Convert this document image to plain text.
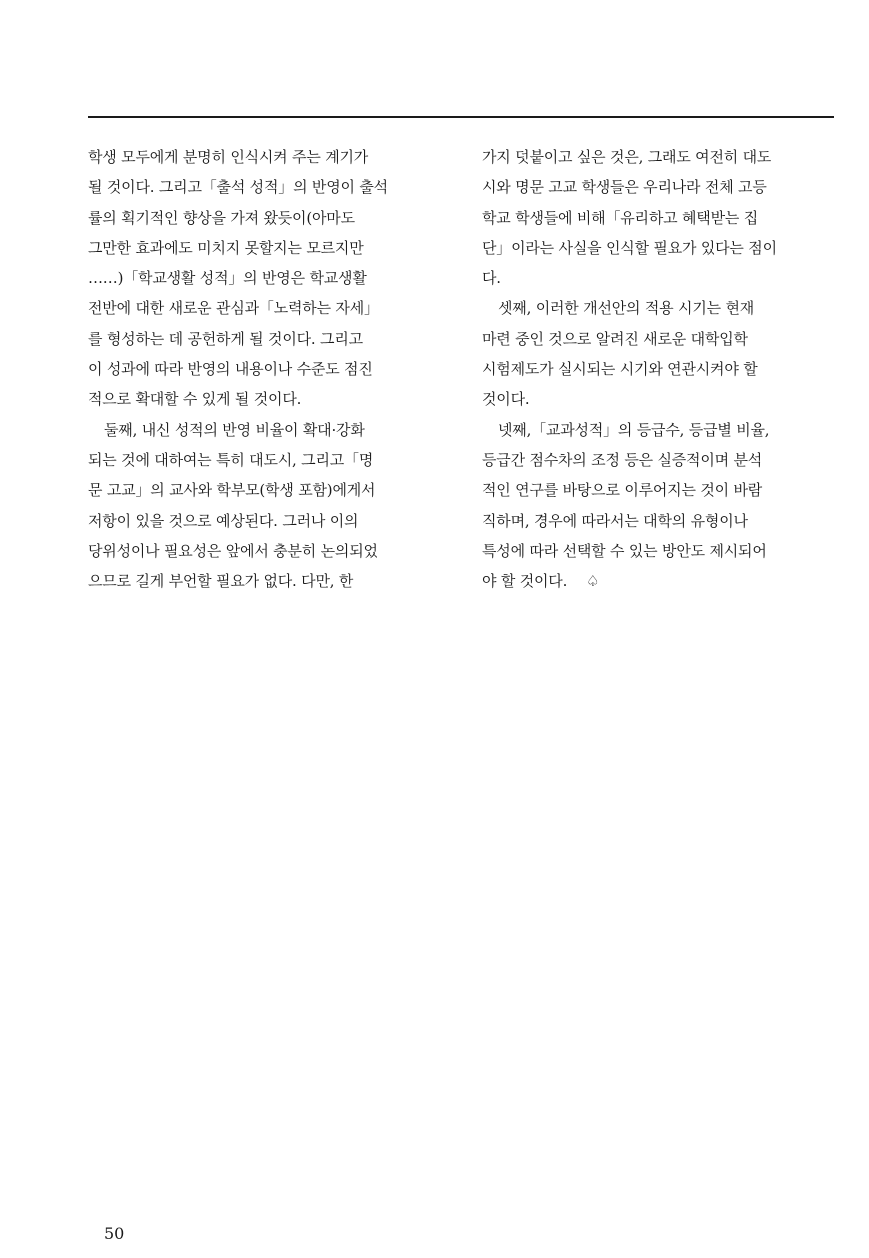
학생 모두에게 분명히 인식시켜 주는 계기가
될 것이다. 그리고「출석 성적」의 반영이 출석
률의 획기적인 향상을 가져 왔듯이(아마도
그만한 효과에도 미치지 못할지는 모르지만
……)「학교생활 성적」의 반영은 학교생활
전반에 대한 새로운 관심과「노력하는 자세」
를 형성하는 데 공헌하게 될 것이다. 그리고
이 성과에 따라 반영의 내용이나 수준도 점진
적으로 확대할 수 있게 될 것이다.

둘째, 내신 성적의 반영 비율이 확대·강화
되는 것에 대하여는 특히 대도시, 그리고「명
문 고교」의 교사와 학부모(학생 포함)에게서
저항이 있을 것으로 예상된다. 그러나 이의
당위성이나 필요성은 앞에서 충분히 논의되었
으므로 길게 부언할 필요가 없다. 다만, 한

가지 덧붙이고 싶은 것은, 그래도 여전히 대도
시와 명문 고교 학생들은 우리나라 전체 고등
학교 학생들에 비해「유리하고 혜택받는 집
단」이라는 사실을 인식할 필요가 있다는 점이
다.

셋째, 이러한 개선안의 적용 시기는 현재
마련 중인 것으로 알려진 새로운 대학입학
시험제도가 실시되는 시기와 연관시켜야 할
것이다.

넷째,「교과성적」의 등급수, 등급별 비율,
등급간 점수차의 조정 등은 실증적이며 분석
적인 연구를 바탕으로 이루어지는 것이 바람
직하며, 경우에 따라서는 대학의 유형이나
특성에 따라 선택할 수 있는 방안도 제시되어
야 할 것이다. ♤

50
